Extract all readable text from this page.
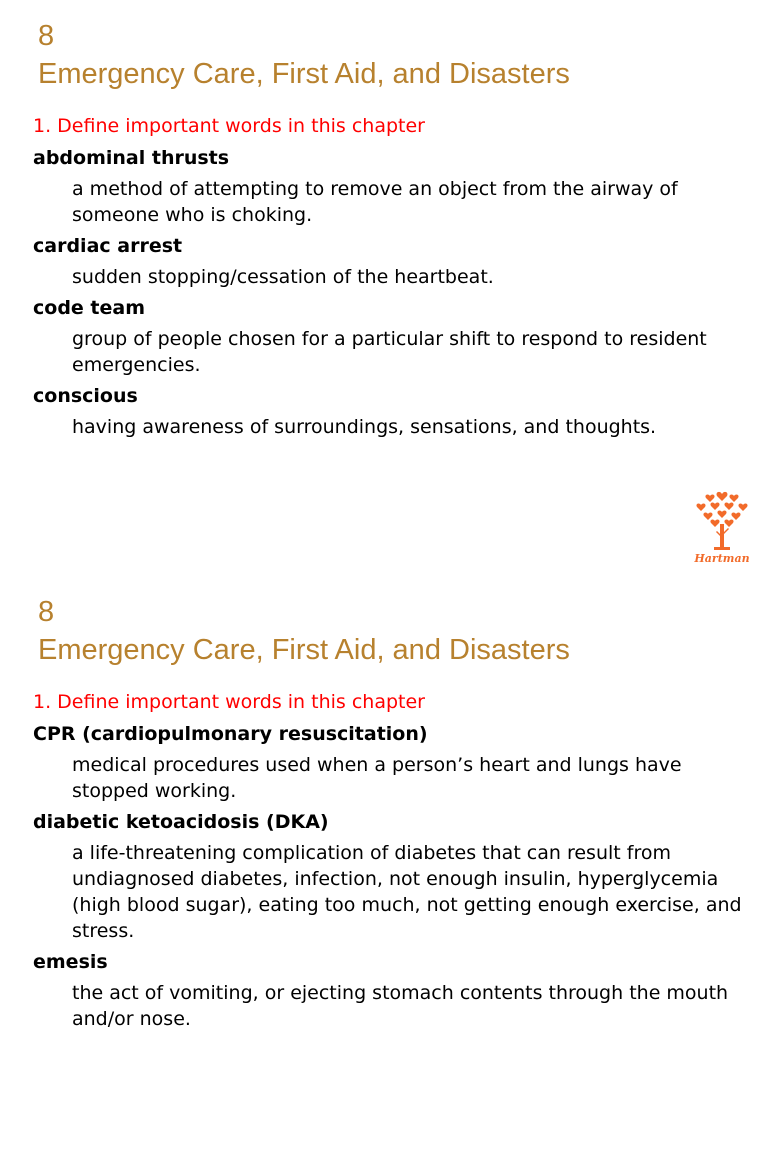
8
Emergency Care, First Aid, and Disasters
1. Define important words in this chapter

abdominal thrusts

a method of attempting to remove an object from the airway of someone who is choking.

cardiac arrest

sudden stopping/cessation of the heartbeat.

code team

group of people chosen for a particular shift to respond to resident emergencies.

conscious

having awareness of surroundings, sensations, and thoughts.

Hartman
8
Emergency Care, First Aid, and Disasters
1. Define important words in this chapter

CPR (cardiopulmonary resuscitation)

medical procedures used when a person’s heart and lungs have stopped working.

diabetic ketoacidosis (DKA)

a life-threatening complication of diabetes that can result from undiagnosed diabetes, infection, not enough insulin, hyperglycemia (high blood sugar), eating too much, not getting enough exercise, and stress.

emesis

the act of vomiting, or ejecting stomach contents through the mouth and/or nose.
